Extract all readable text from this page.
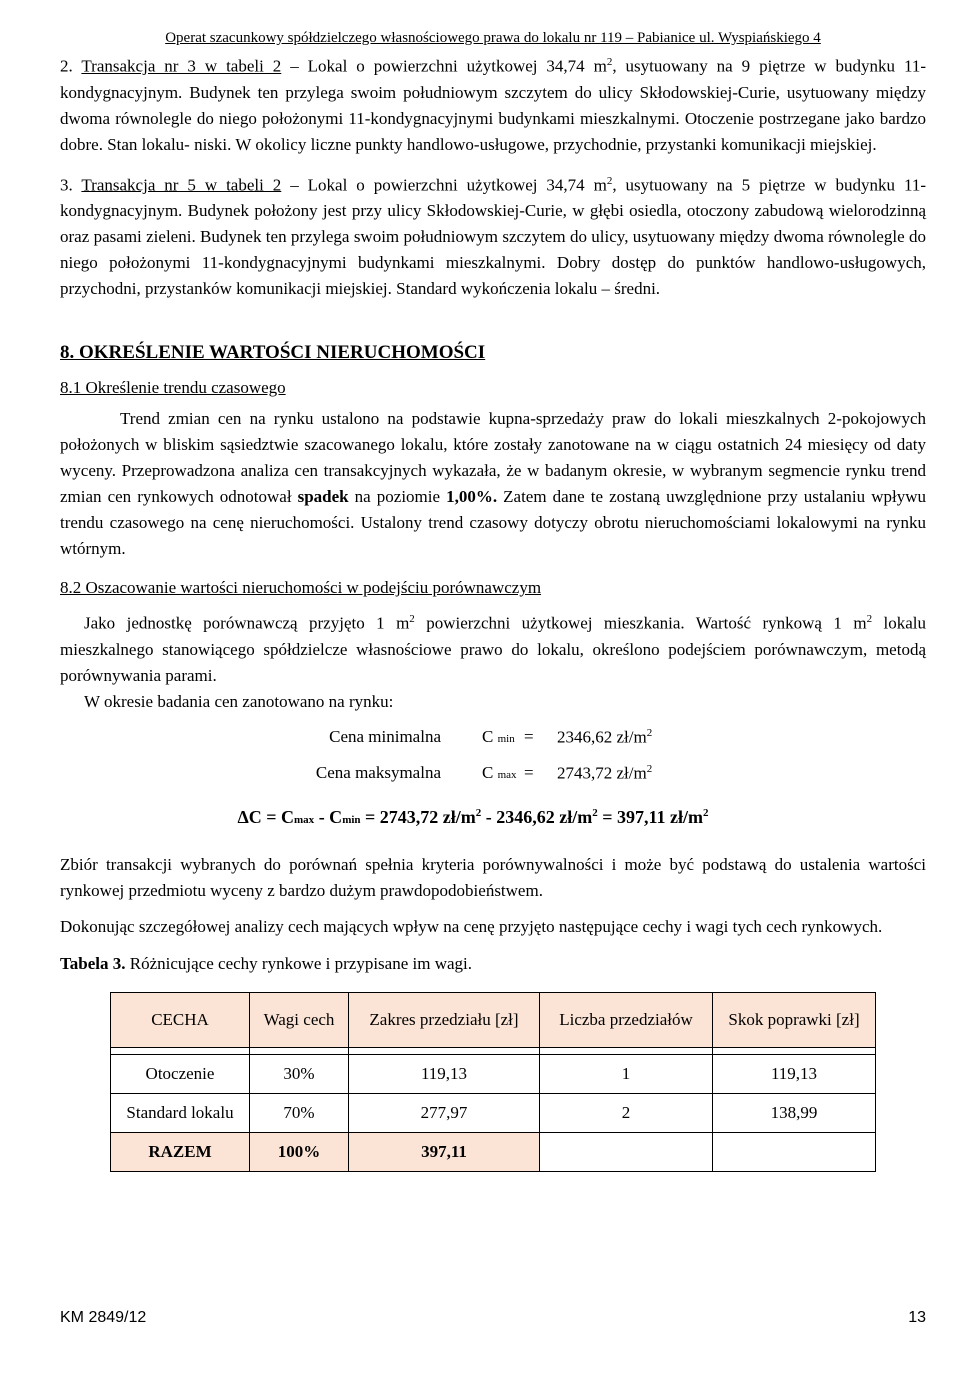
Operat szacunkowy spółdzielczego własnościowego prawa do lokalu nr 119 – Pabianice ul. Wyspiańskiego 4

2. Transakcja nr 3 w tabeli 2 – Lokal o powierzchni użytkowej 34,74 $m^2$, usytuowany na 9 piętrze w budynku 11-kondygnacyjnym. Budynek ten przylega swoim południowym szczytem do ulicy Skłodowskiej-Curie, usytuowany między dwoma równolegle do niego położonymi 11-kondygnacyjnymi budynkami mieszkalnymi. Otoczenie postrzegane jako bardzo dobre. Stan lokalu- niski. W okolicy liczne punkty handlowo-usługowe, przychodnie, przystanki komunikacji miejskiej.

3. Transakcja nr 5 w tabeli 2 – Lokal o powierzchni użytkowej 34,74 $m^2$, usytuowany na 5 piętrze w budynku 11-kondygnacyjnym. Budynek położony jest przy ulicy Skłodowskiej-Curie, w głębi osiedla, otoczony zabudową wielorodzinną oraz pasami zieleni. Budynek ten przylega swoim południowym szczytem do ulicy, usytuowany między dwoma równolegle do niego położonymi 11-kondygnacyjnymi budynkami mieszkalnymi. Dobry dostęp do punktów handlowo-usługowych, przychodni, przystanków komunikacji miejskiej. Standard wykończenia lokalu – średni.

8. OKREŚLENIE WARTOŚCI NIERUCHOMOŚCI
8.1 Określenie trendu czasowego

Trend zmian cen na rynku ustalono na podstawie kupna-sprzedaży praw do lokali mieszkalnych 2-pokojowych położonych w bliskim sąsiedztwie szacowanego lokalu, które zostały zanotowane na w ciągu ostatnich 24 miesięcy od daty wyceny. Przeprowadzona analiza cen transakcyjnych wykazała, że w badanym okresie, w wybranym segmencie rynku trend zmian cen rynkowych odnotował spadek na poziomie 1,00%. Zatem dane te zostaną uwzględnione przy ustalaniu wpływu trendu czasowego na cenę nieruchomości. Ustalony trend czasowy dotyczy obrotu nieruchomościami lokalowymi na rynku wtórnym.

8.2 Oszacowanie wartości nieruchomości w podejściu porównawczym

Jako jednostkę porównawczą przyjęto 1 $m^2$ powierzchni użytkowej mieszkania. Wartość rynkową 1 $m^2$ lokalu mieszkalnego stanowiącego spółdzielcze własnościowe prawo do lokalu, określono podejściem porównawczym, metodą porównywania parami.

W okresie badania cen zanotowano na rynku:

Cena minimalna C min = 2346,62 $zł/m^2$
Cena maksymalna C max = 2743,72 $zł/m^2$
ΔC = Cmax - Cmin = 2743,72 $zł/m^2 - 2346,62$ $zł/m^2 = 397,11$ $zł/m^2$

Zbiór transakcji wybranych do porównań spełnia kryteria porównywalności i może być podstawą do ustalenia wartości rynkowej przedmiotu wyceny z bardzo dużym prawdopodobieństwem.

Dokonując szczegółowej analizy cech mających wpływ na cenę przyjęto następujące cechy i wagi tych cech rynkowych.

Tabela 3. Różnicujące cechy rynkowe i przypisane im wagi.
CECHA	Wagi cech	Zakres przedziału [zł]	Liczba przedziałów	Skok poprawki [zł]

Otoczenie	30%	119,13	1	119,13
Standard lokalu	70%	277,97	2	138,99
RAZEM	100%	397,11		
KM 2849/12	13
